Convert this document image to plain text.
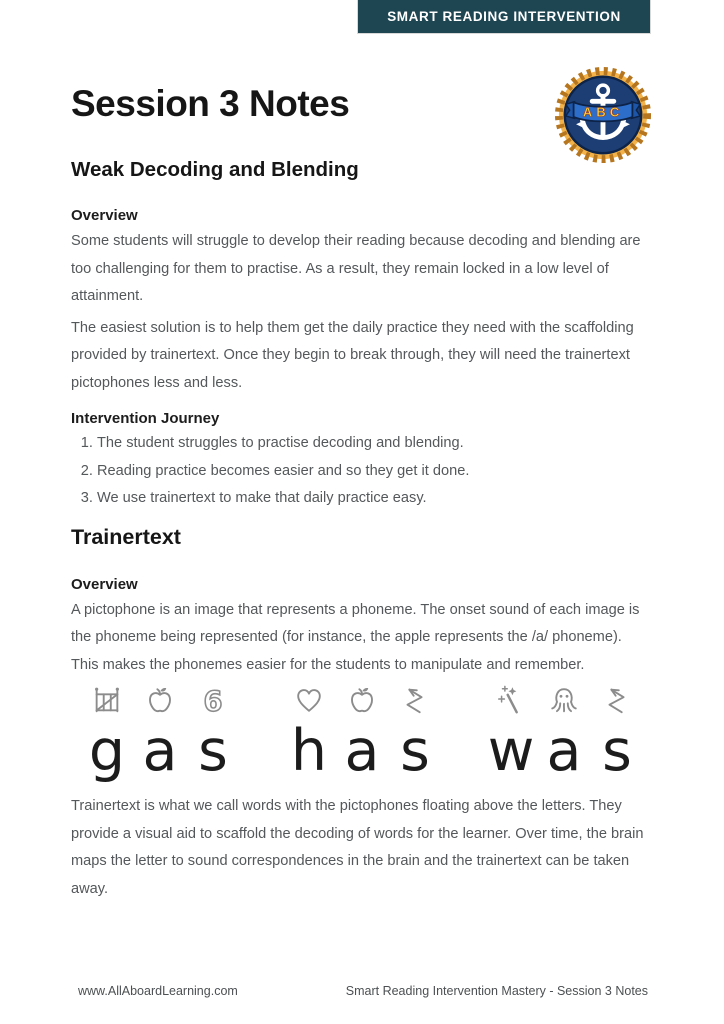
SMART READING INTERVENTION
ABC
Session 3 Notes
Weak Decoding and Blending
Overview

Some students will struggle to develop their reading because decoding and blending are too challenging for them to practise. As a result, they remain locked in a low level of attainment.

The easiest solution is to help them get the daily practice they need with the scaffolding provided by trainertext. Once they begin to break through, they will need the trainertext pictophones less and less.

Intervention Journey
1. The student struggles to practise decoding and blending.
2. Reading practice becomes easier and so they get it done.
3. We use trainertext to make that daily practice easy.
Trainertext
Overview

A pictophone is an image that represents a phoneme. The onset sound of each image is the phoneme being represented (for instance, the apple represents the /a/ phoneme). This makes the phonemes easier for the students to manipulate and remember.

g a
6
s h a s w a s

Trainertext is what we call words with the pictophones floating above the letters. They provide a visual aid to scaffold the decoding of words for the learner. Over time, the brain maps the letter to sound correspondences in the brain and the trainertext can be taken away.

www.AllAboardLearning.com	Smart Reading Intervention Mastery - Session 3 Notes
